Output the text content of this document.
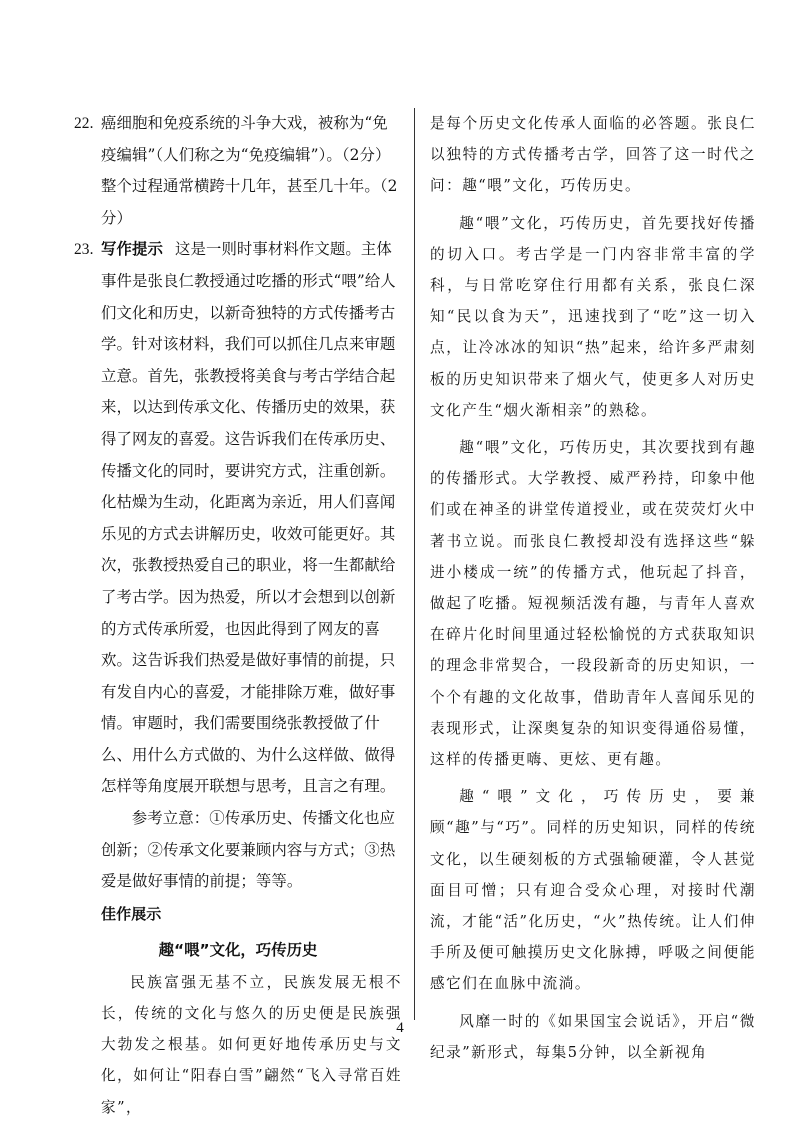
22. 癌细胞和免疫系统的斗争大戏，被称为“免疫编辑”（人们称之为“免疫编辑”）。（2分）整个过程通常横跨十几年，甚至几十年。（2分）

23. 写作提示 这是一则时事材料作文题。主体事件是张良仁教授通过吃播的形式“喂”给人们文化和历史，以新奇独特的方式传播考古学。针对该材料，我们可以抓住几点来审题立意。首先，张教授将美食与考古学结合起来，以达到传承文化、传播历史的效果，获得了网友的喜爱。这告诉我们在传承历史、传播文化的同时，要讲究方式，注重创新。化枯燥为生动，化距离为亲近，用人们喜闻乐见的方式去讲解历史，收效可能更好。其次，张教授热爱自己的职业，将一生都献给了考古学。因为热爱，所以才会想到以创新的方式传承所爱，也因此得到了网友的喜欢。这告诉我们热爱是做好事情的前提，只有发自内心的喜爱，才能排除万难，做好事情。审题时，我们需要围绕张教授做了什么、用什么方式做的、为什么这样做、做得怎样等角度展开联想与思考，且言之有理。

参考立意：①传承历史、传播文化也应创新；②传承文化要兼顾内容与方式；③热爱是做好事情的前提；等等。

佳作展示

趣“喂”文化，巧传历史

民族富强无基不立，民族发展无根不长，传统的文化与悠久的历史便是民族强大勃发之根基。如何更好地传承历史与文化，如何让“阳春白雪”翩然“飞入寻常百姓家”，

是每个历史文化传承人面临的必答题。张良仁以独特的方式传播考古学，回答了这一时代之问：趣“喂”文化，巧传历史。

趣“喂”文化，巧传历史，首先要找好传播的切入口。考古学是一门内容非常丰富的学科，与日常吃穿住行用都有关系，张良仁深知“民以食为天”，迅速找到了“吃”这一切入点，让冷冰冰的知识“热”起来，给许多严肃刻板的历史知识带来了烟火气，使更多人对历史文化产生“烟火渐相亲”的熟稔。

趣“喂”文化，巧传历史，其次要找到有趣的传播形式。大学教授、威严矜持，印象中他们或在神圣的讲堂传道授业，或在荧荧灯火中著书立说。而张良仁教授却没有选择这些“躲进小楼成一统”的传播方式，他玩起了抖音，做起了吃播。短视频活泼有趣，与青年人喜欢在碎片化时间里通过轻松愉悦的方式获取知识的理念非常契合，一段段新奇的历史知识，一个个有趣的文化故事，借助青年人喜闻乐见的表现形式，让深奥复杂的知识变得通俗易懂，这样的传播更嗨、更炫、更有趣。

趣“喂”文化，巧传历史，要兼顾“趣”与“巧”。同样的历史知识，同样的传统文化，以生硬刻板的方式强输硬灌，令人甚觉面目可憎；只有迎合受众心理，对接时代潮流，才能“活”化历史，“火”热传统。让人们伸手所及便可触摸历史文化脉搏，呼吸之间便能感它们在血脉中流淌。

风靡一时的《如果国宝会说话》，开启“微纪录”新形式，每集5分钟，以全新视角

4
